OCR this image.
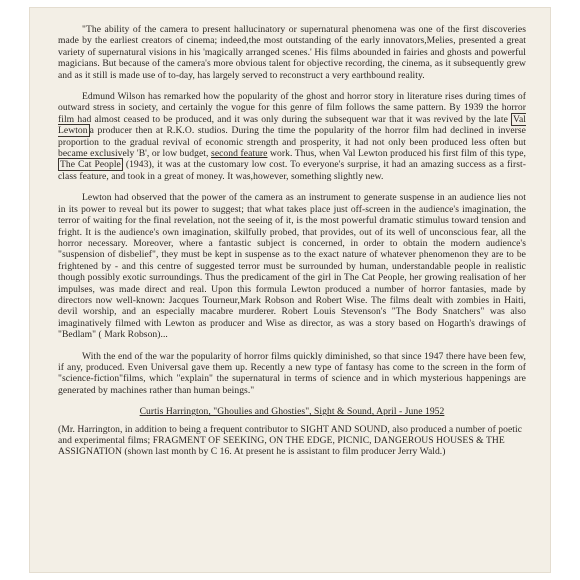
"The ability of the camera to present hallucinatory or supernatural phenomena was one of the first discoveries made by the earliest creators of cinema; indeed,the most outstanding of the early innovators,Melies, presented a great variety of supernatural visions in his 'magically arranged scenes.' His films abounded in fairies and ghosts and powerful magicians. But because of the camera's more obvious talent for objective recording, the cinema, as it subsequently grew and as it still is made use of to-day, has largely served to reconstruct a very earthbound reality.

Edmund Wilson has remarked how the popularity of the ghost and horror story in literature rises during times of outward stress in society, and certainly the vogue for this genre of film follows the same pattern. By 1939 the horror film had almost ceased to be produced, and it was only during the subsequent war that it was revived by the late Val Lewton a producer then at R.K.O. studios. During the time the popularity of the horror film had declined in inverse proportion to the gradual revival of economic strength and prosperity, it had not only been produced less often but became exclusively 'B', or low budget, second feature work. Thus, when Val Lewton produced his first film of this type, The Cat People (1943), it was at the customary low cost. To everyone's surprise, it had an amazing success as a first-class feature, and took in a great of money. It was,however, something slightly new.

Lewton had observed that the power of the camera as an instrument to generate suspense in an audience lies not in its power to reveal but its power to suggest; that what takes place just off-screen in the audience's imagination, the terror of waiting for the final revelation, not the seeing of it, is the most powerful dramatic stimulus toward tension and fright. It is the audience's own imagination, skilfully probed, that provides, out of its well of unconscious fear, all the horror necessary. Moreover, where a fantastic subject is concerned, in order to obtain the modern audience's "suspension of disbelief", they must be kept in suspense as to the exact nature of whatever phenomenon they are to be frightened by - and this centre of suggested terror must be surrounded by human, understandable people in realistic though possibly exotic surroundings. Thus the predicament of the girl in The Cat People, her growing realisation of her impulses, was made direct and real. Upon this formula Lewton produced a number of horror fantasies, made by directors now well-known: Jacques Tourneur,Mark Robson and Robert Wise. The films dealt with zombies in Haiti, devil worship, and an especially macabre murderer. Robert Louis Stevenson's "The Body Snatchers" was also imaginatively filmed with Lewton as producer and Wise as director, as was a story based on Hogarth's drawings of "Bedlam" ( Mark Robson)...

With the end of the war the popularity of horror films quickly diminished, so that since 1947 there have been few, if any, produced. Even Universal gave them up. Recently a new type of fantasy has come to the screen in the form of "science-fiction"films, which "explain" the supernatural in terms of science and in which mysterious happenings are generated by machines rather than human beings."

Curtis Harrington, "Ghoulies and Ghosties", Sight & Sound, April - June 1952

(Mr. Harrington, in addition to being a frequent contributor to SIGHT AND SOUND, also produced a number of poetic and experimental films; FRAGMENT OF SEEKING, ON THE EDGE, PICNIC, DANGEROUS HOUSES & THE ASSIGNATION (shown last month by C 16. At present he is assistant to film producer Jerry Wald.)
